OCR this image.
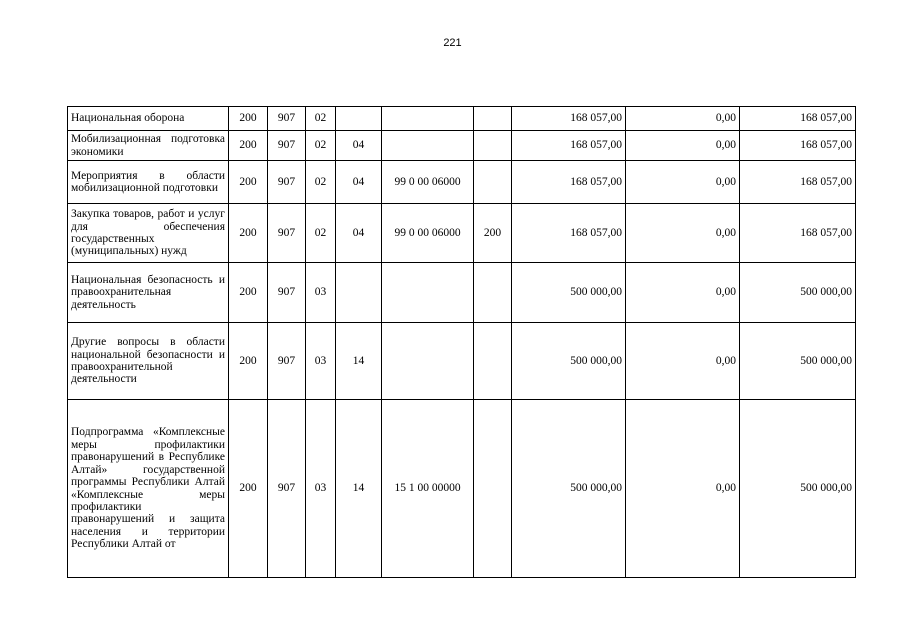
221
Национальная оборона	200	907	02				168 057,00	0,00	168 057,00
Мобилизационная подготовка экономики	200	907	02	04			168 057,00	0,00	168 057,00
Мероприятия в области мобилизационной подготовки	200	907	02	04	99 0 00 06000		168 057,00	0,00	168 057,00
Закупка товаров, работ и услуг для обеспечения государственных (муниципальных) нужд	200	907	02	04	99 0 00 06000	200	168 057,00	0,00	168 057,00
Национальная безопасность и правоохранительная деятельность	200	907	03				500 000,00	0,00	500 000,00
Другие вопросы в области национальной безопасности и правоохранительной деятельности	200	907	03	14			500 000,00	0,00	500 000,00
Подпрограмма «Комплексные меры профилактики правонарушений в Республике Алтай» государственной программы Республики Алтай «Комплексные меры профилактики правонарушений и защита населения и территории Республики Алтай от	200	907	03	14	15 1 00 00000		500 000,00	0,00	500 000,00
